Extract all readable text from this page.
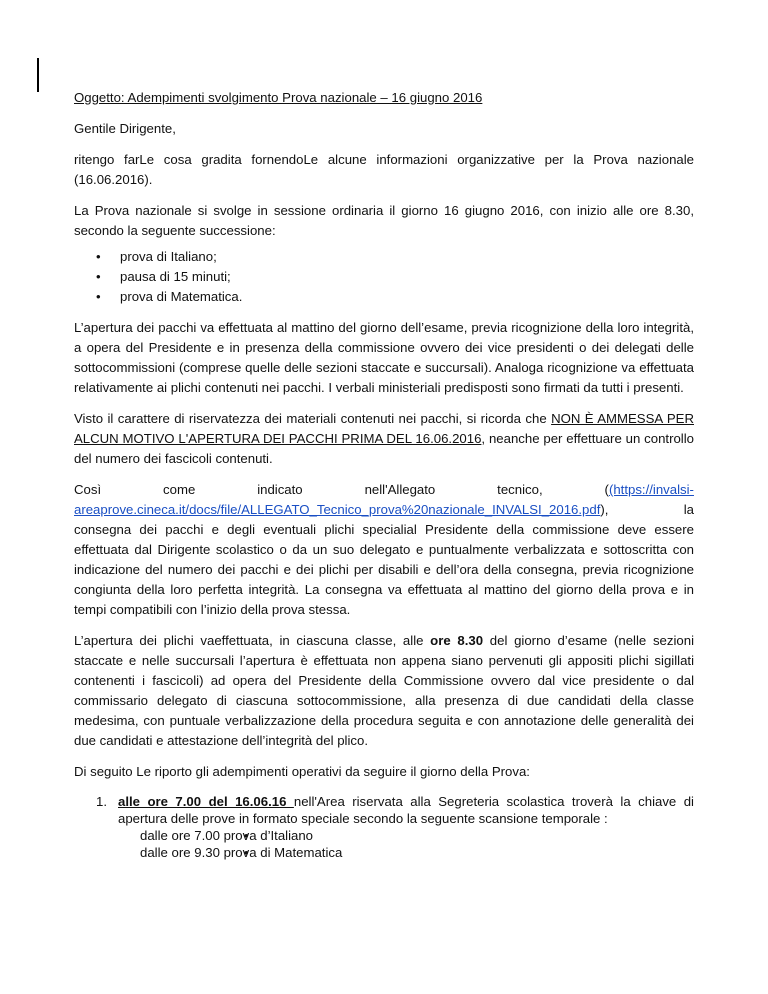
Oggetto: Adempimenti svolgimento Prova nazionale – 16 giugno 2016

Gentile Dirigente,

ritengo farLe cosa gradita fornendoLe alcune informazioni organizzative per la Prova nazionale (16.06.2016).

La Prova nazionale si svolge in sessione ordinaria il giorno 16 giugno 2016, con inizio alle ore 8.30, secondo la seguente successione:

• prova di Italiano;
• pausa di 15 minuti;
• prova di Matematica.

L’apertura dei pacchi va effettuata al mattino del giorno dell’esame, previa ricognizione della loro integrità, a opera del Presidente e in presenza della commissione ovvero dei vice presidenti o dei delegati delle sottocommissioni (comprese quelle delle sezioni staccate e succursali). Analoga ricognizione va effettuata relativamente ai plichi contenuti nei pacchi. I verbali ministeriali predisposti sono firmati da tutti i presenti.

Visto il carattere di riservatezza dei materiali contenuti nei pacchi, si ricorda che NON È AMMESSA PER ALCUN MOTIVO L'APERTURA DEI PACCHI PRIMA DEL 16.06.2016, neanche per effettuare un controllo del numero dei fascicoli contenuti.

Così	come	indicato	nell'Allegato	tecnico,	((https://invalsi-
areaprove.cineca.it/docs/file/ALLEGATO_Tecnico_prova%20nazionale_INVALSI_2016.pdf),	la
consegna dei pacchi e degli eventuali plichi specialial Presidente della commissione deve essere effettuata dal Dirigente scolastico o da un suo delegato e puntualmente verbalizzata e sottoscritta con indicazione del numero dei pacchi e dei plichi per disabili e dell’ora della consegna, previa ricognizione congiunta della loro perfetta integrità. La consegna va effettuata al mattino del giorno della prova e in tempi compatibili con l’inizio della prova stessa.

L’apertura dei plichi vaeffettuata, in ciascuna classe, alle ore 8.30 del giorno d’esame (nelle sezioni staccate e nelle succursali l’apertura è effettuata non appena siano pervenuti gli appositi plichi sigillati contenenti i fascicoli) ad opera del Presidente della Commissione ovvero dal vice presidente o dal commissario delegato di ciascuna sottocommissione, alla presenza di due candidati della classe medesima, con puntuale verbalizzazione della procedura seguita e con annotazione delle generalità dei due candidati e attestazione dell’integrità del plico.

Di seguito Le riporto gli adempimenti operativi da seguire il giorno della Prova:

1. alle ore 7.00 del 16.06.16 nell'Area riservata alla Segreteria scolastica troverà la chiave di apertura delle prove in formato speciale secondo la seguente scansione temporale :
• dalle ore 7.00 prova d’Italiano
• dalle ore 9.30 prova di Matematica
